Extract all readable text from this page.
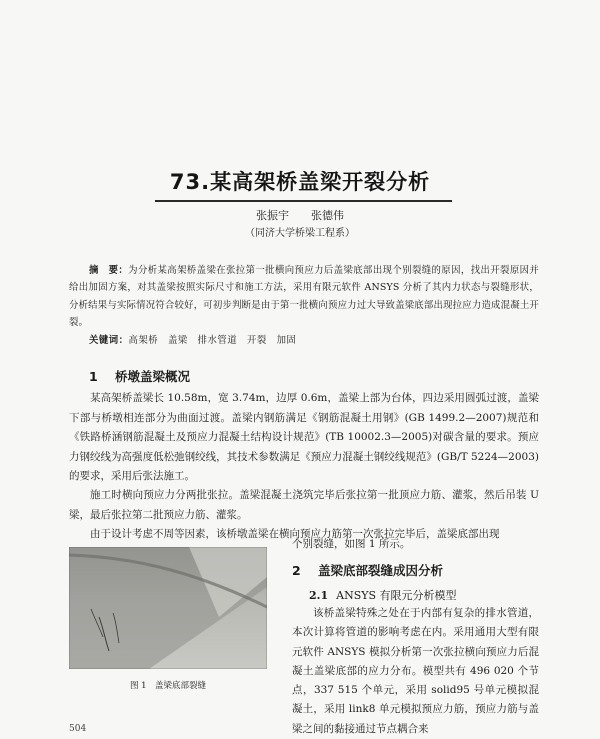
73.某高架桥盖梁开裂分析
张振宇　　张德伟
（同济大学桥梁工程系）
摘　要：为分析某高架桥盖梁在张拉第一批横向预应力后盖梁底部出现个别裂缝的原因，找出开裂原因并给出加固方案，对其盖梁按照实际尺寸和施工方法，采用有限元软件 ANSYS 分析了其内力状态与裂缝形状，分析结果与实际情况符合较好，可初步判断是由于第一批横向预应力过大导致盖梁底部出现拉应力造成混凝土开裂。
关键词：高架桥　盖梁　排水管道　开裂　加固
1 桥墩盖梁概况
某高架桥盖梁长 10.58m，宽 3.74m，边厚 0.6m，盖梁上部为台体，四边采用圆弧过渡，盖梁下部与桥墩相连部分为曲面过渡。盖梁内钢筋满足《钢筋混凝土用钢》(GB 1499.2—2007)规范和《铁路桥涵钢筋混凝土及预应力混凝土结构设计规范》(TB 10002.3—2005)对碳含量的要求。预应力钢绞线为高强度低松弛钢绞线，其技术参数满足《预应力混凝土钢绞线规范》(GB/T 5224—2003)的要求，采用后张法施工。
施工时横向预应力分两批张拉。盖梁混凝土浇筑完毕后张拉第一批顶应力筋、灌浆，然后吊装 U 梁，最后张拉第二批预应力筋、灌浆。
由于设计考虑不周等因素，该桥墩盖梁在横向预应力筋第一次张拉完毕后，盖梁底部出现
个别裂缝，如图 1 所示。
图 1　盖梁底部裂缝
2 盖梁底部裂缝成因分析
2.1 ANSYS 有限元分析模型
该桥盖梁特殊之处在于内部有复杂的排水管道，本次计算将管道的影响考虑在内。采用通用大型有限元软件 ANSYS 模拟分析第一次张拉横向预应力后混凝土盖梁底部的应力分布。模型共有 496 020 个节点，337 515 个单元，采用 solid95 号单元模拟混凝土，采用 link8 单元模拟预应力筋，预应力筋与盖梁之间的黏接通过节点耦合来
504
